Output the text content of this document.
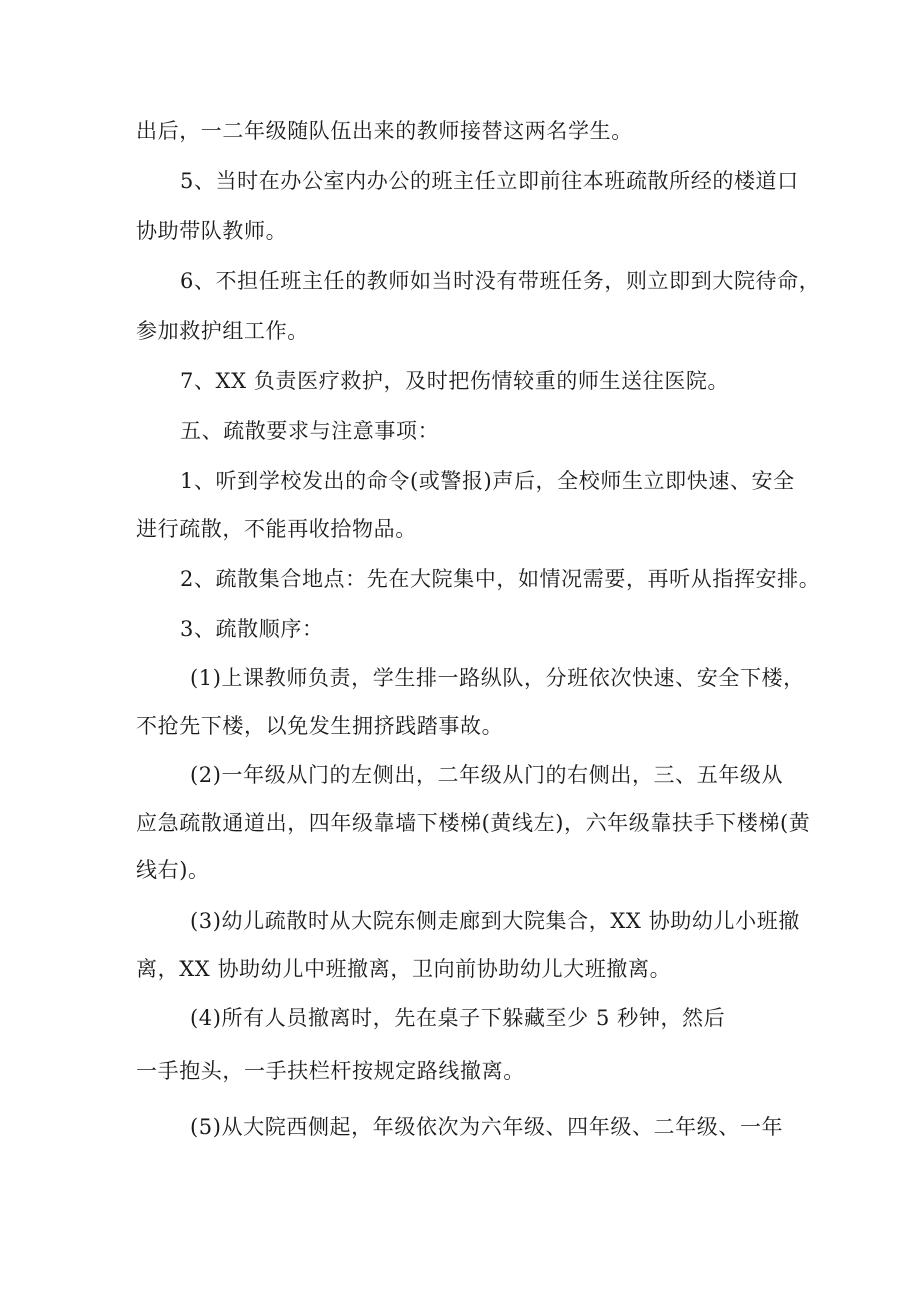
出后，一二年级随队伍出来的教师接替这两名学生。

5、当时在办公室内办公的班主任立即前往本班疏散所经的楼道口

协助带队教师。

6、不担任班主任的教师如当时没有带班任务，则立即到大院待命，

参加救护组工作。

7、XX 负责医疗救护，及时把伤情较重的师生送往医院。

五、疏散要求与注意事项：

1、听到学校发出的命令(或警报)声后，全校师生立即快速、安全

进行疏散，不能再收拾物品。

2、疏散集合地点：先在大院集中，如情况需要，再听从指挥安排。

3、疏散顺序：

(1)上课教师负责，学生排一路纵队，分班依次快速、安全下楼，

不抢先下楼，以免发生拥挤践踏事故。

(2)一年级从门的左侧出，二年级从门的右侧出，三、五年级从

应急疏散通道出，四年级靠墙下楼梯(黄线左)，六年级靠扶手下楼梯(黄

线右)。

(3)幼儿疏散时从大院东侧走廊到大院集合，XX 协助幼儿小班撤

离，XX 协助幼儿中班撤离，卫向前协助幼儿大班撤离。

(4)所有人员撤离时，先在桌子下躲藏至少 5 秒钟，然后

一手抱头，一手扶栏杆按规定路线撤离。

(5)从大院西侧起，年级依次为六年级、四年级、二年级、一年
